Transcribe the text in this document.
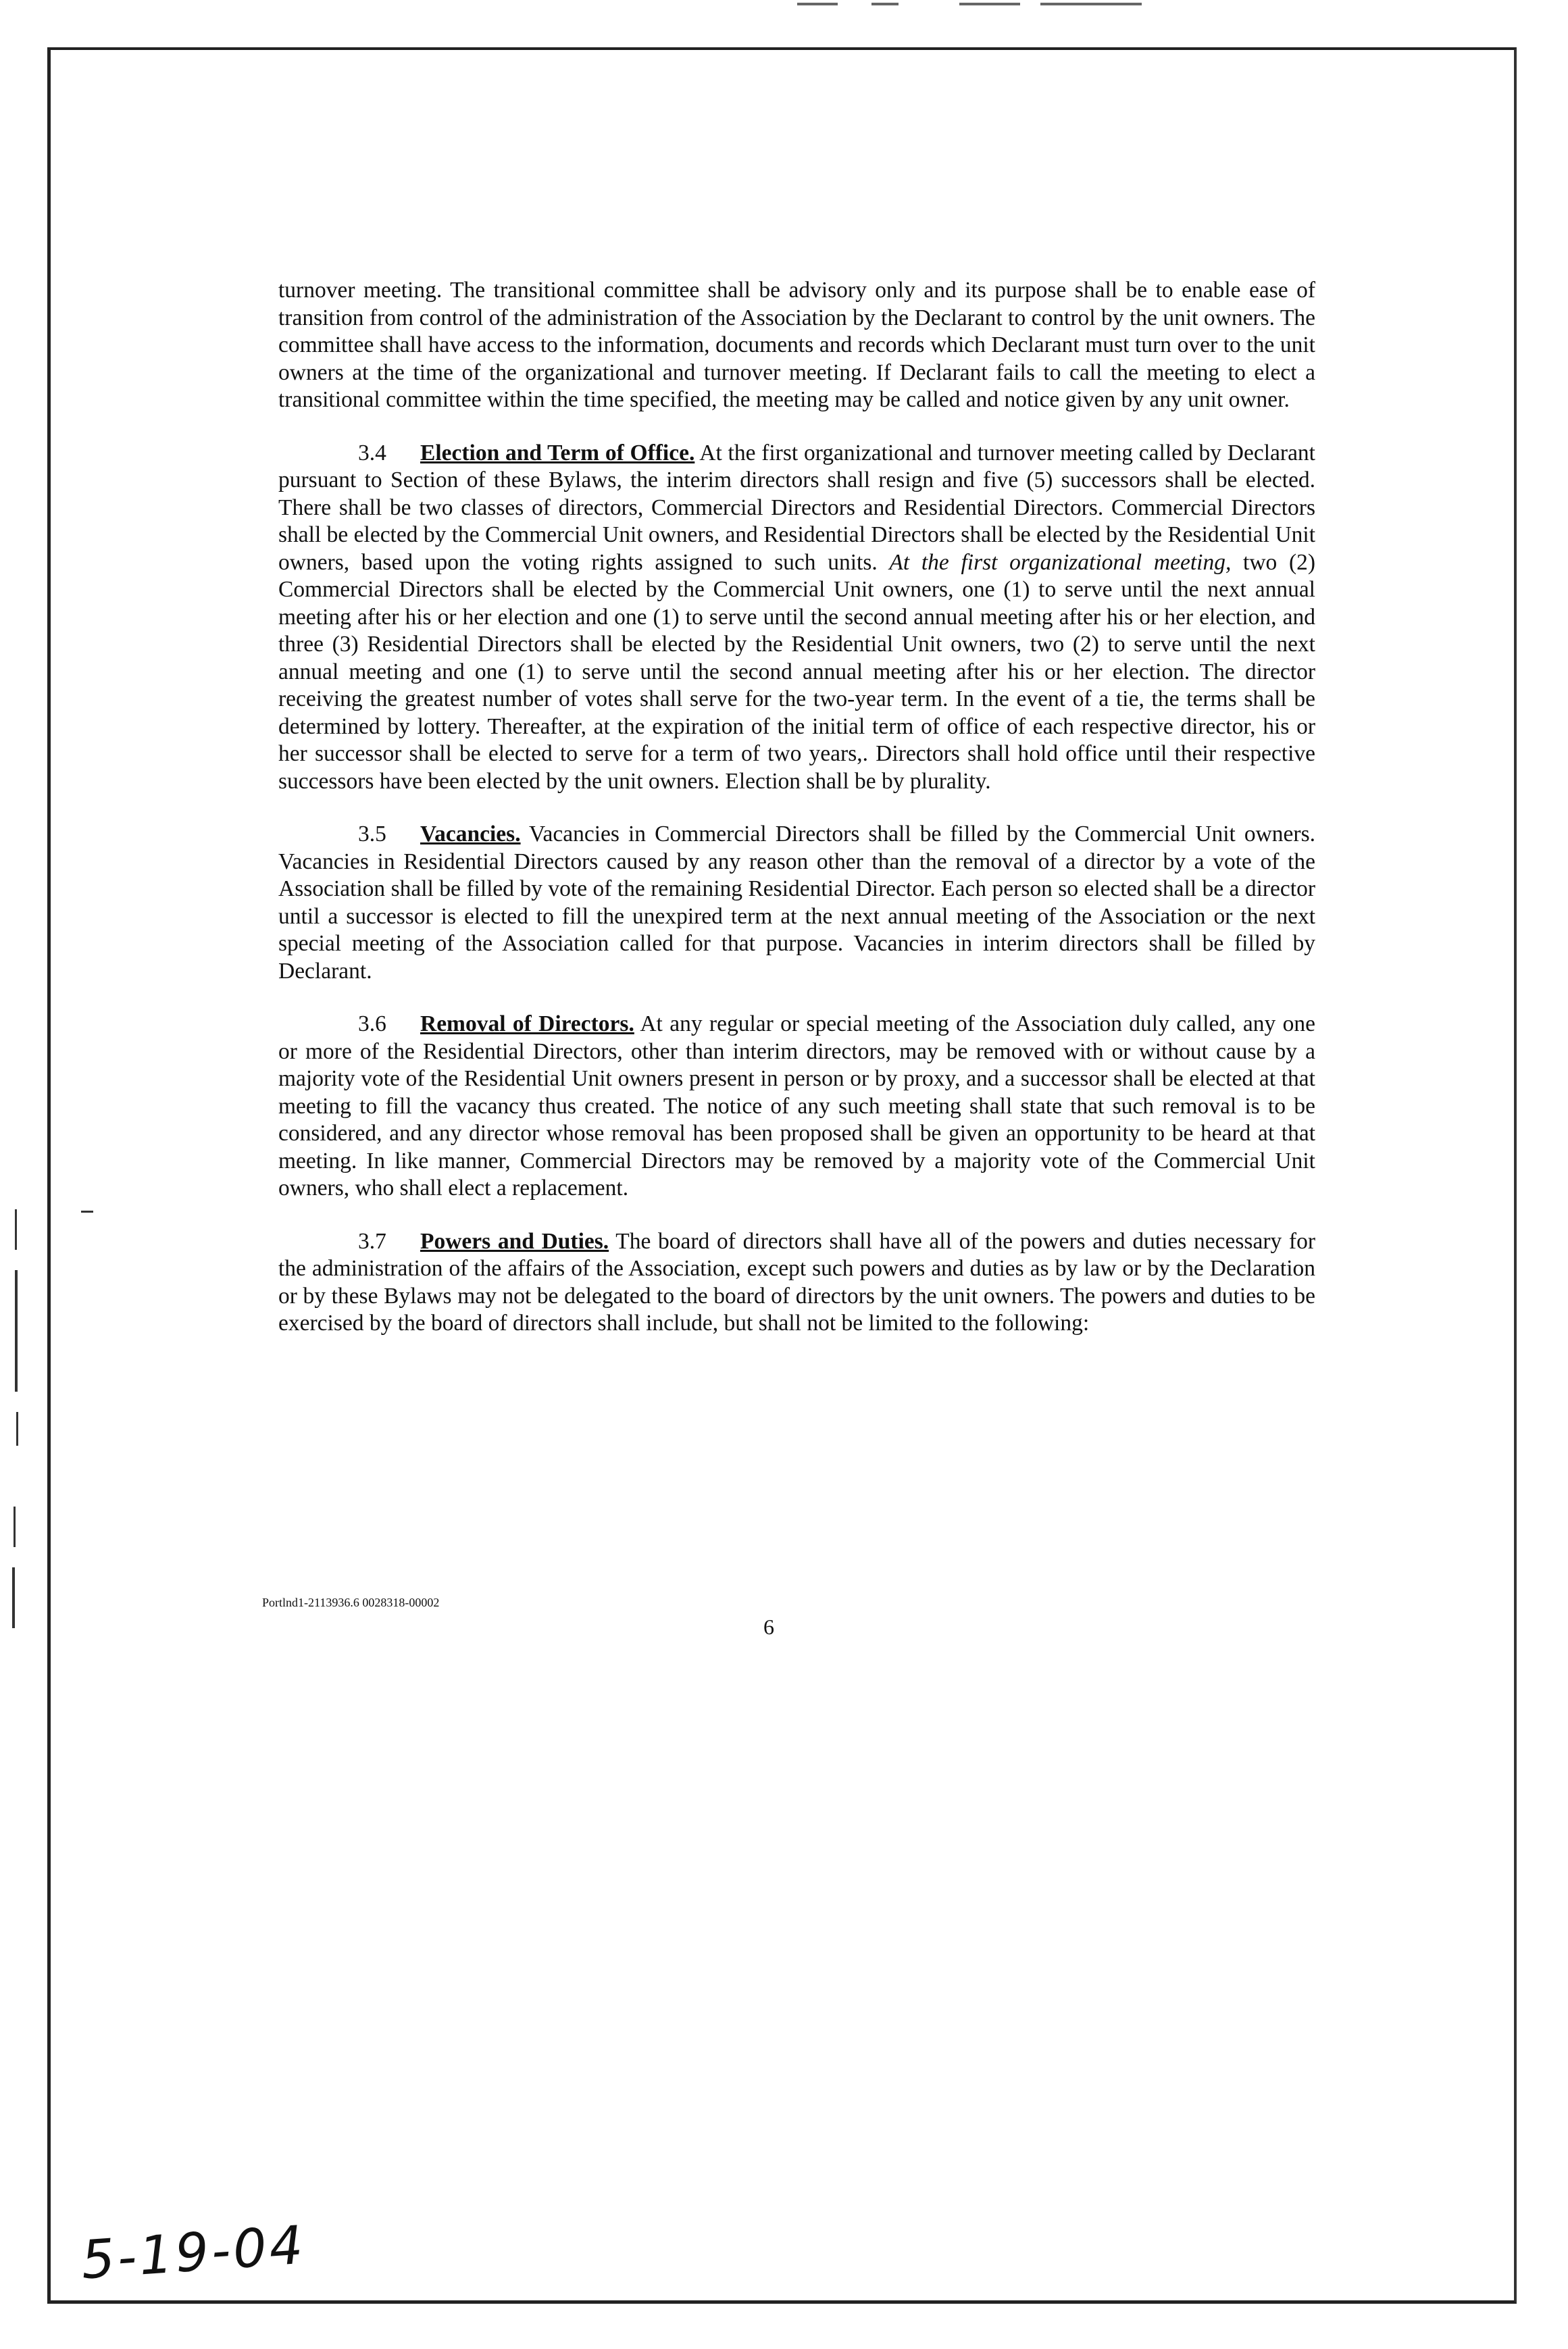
turnover meeting. The transitional committee shall be advisory only and its purpose shall be to enable ease of transition from control of the administration of the Association by the Declarant to control by the unit owners. The committee shall have access to the information, documents and records which Declarant must turn over to the unit owners at the time of the organizational and turnover meeting. If Declarant fails to call the meeting to elect a transitional committee within the time specified, the meeting may be called and notice given by any unit owner.

3.4 Election and Term of Office. At the first organizational and turnover meeting called by Declarant pursuant to Section of these Bylaws, the interim directors shall resign and five (5) successors shall be elected. There shall be two classes of directors, Commercial Directors and Residential Directors. Commercial Directors shall be elected by the Commercial Unit owners, and Residential Directors shall be elected by the Residential Unit owners, based upon the voting rights assigned to such units. At the first organizational meeting, two (2) Commercial Directors shall be elected by the Commercial Unit owners, one (1) to serve until the next annual meeting after his or her election and one (1) to serve until the second annual meeting after his or her election, and three (3) Residential Directors shall be elected by the Residential Unit owners, two (2) to serve until the next annual meeting and one (1) to serve until the second annual meeting after his or her election. The director receiving the greatest number of votes shall serve for the two-year term. In the event of a tie, the terms shall be determined by lottery. Thereafter, at the expiration of the initial term of office of each respective director, his or her successor shall be elected to serve for a term of two years,. Directors shall hold office until their respective successors have been elected by the unit owners. Election shall be by plurality.

3.5 Vacancies. Vacancies in Commercial Directors shall be filled by the Commercial Unit owners. Vacancies in Residential Directors caused by any reason other than the removal of a director by a vote of the Association shall be filled by vote of the remaining Residential Director. Each person so elected shall be a director until a successor is elected to fill the unexpired term at the next annual meeting of the Association or the next special meeting of the Association called for that purpose. Vacancies in interim directors shall be filled by Declarant.

3.6 Removal of Directors. At any regular or special meeting of the Association duly called, any one or more of the Residential Directors, other than interim directors, may be removed with or without cause by a majority vote of the Residential Unit owners present in person or by proxy, and a successor shall be elected at that meeting to fill the vacancy thus created. The notice of any such meeting shall state that such removal is to be considered, and any director whose removal has been proposed shall be given an opportunity to be heard at that meeting. In like manner, Commercial Directors may be removed by a majority vote of the Commercial Unit owners, who shall elect a replacement.

3.7 Powers and Duties. The board of directors shall have all of the powers and duties necessary for the administration of the affairs of the Association, except such powers and duties as by law or by the Declaration or by these Bylaws may not be delegated to the board of directors by the unit owners. The powers and duties to be exercised by the board of directors shall include, but shall not be limited to the following:

Portlnd1-2113936.6 0028318-00002
6
5-19-04
